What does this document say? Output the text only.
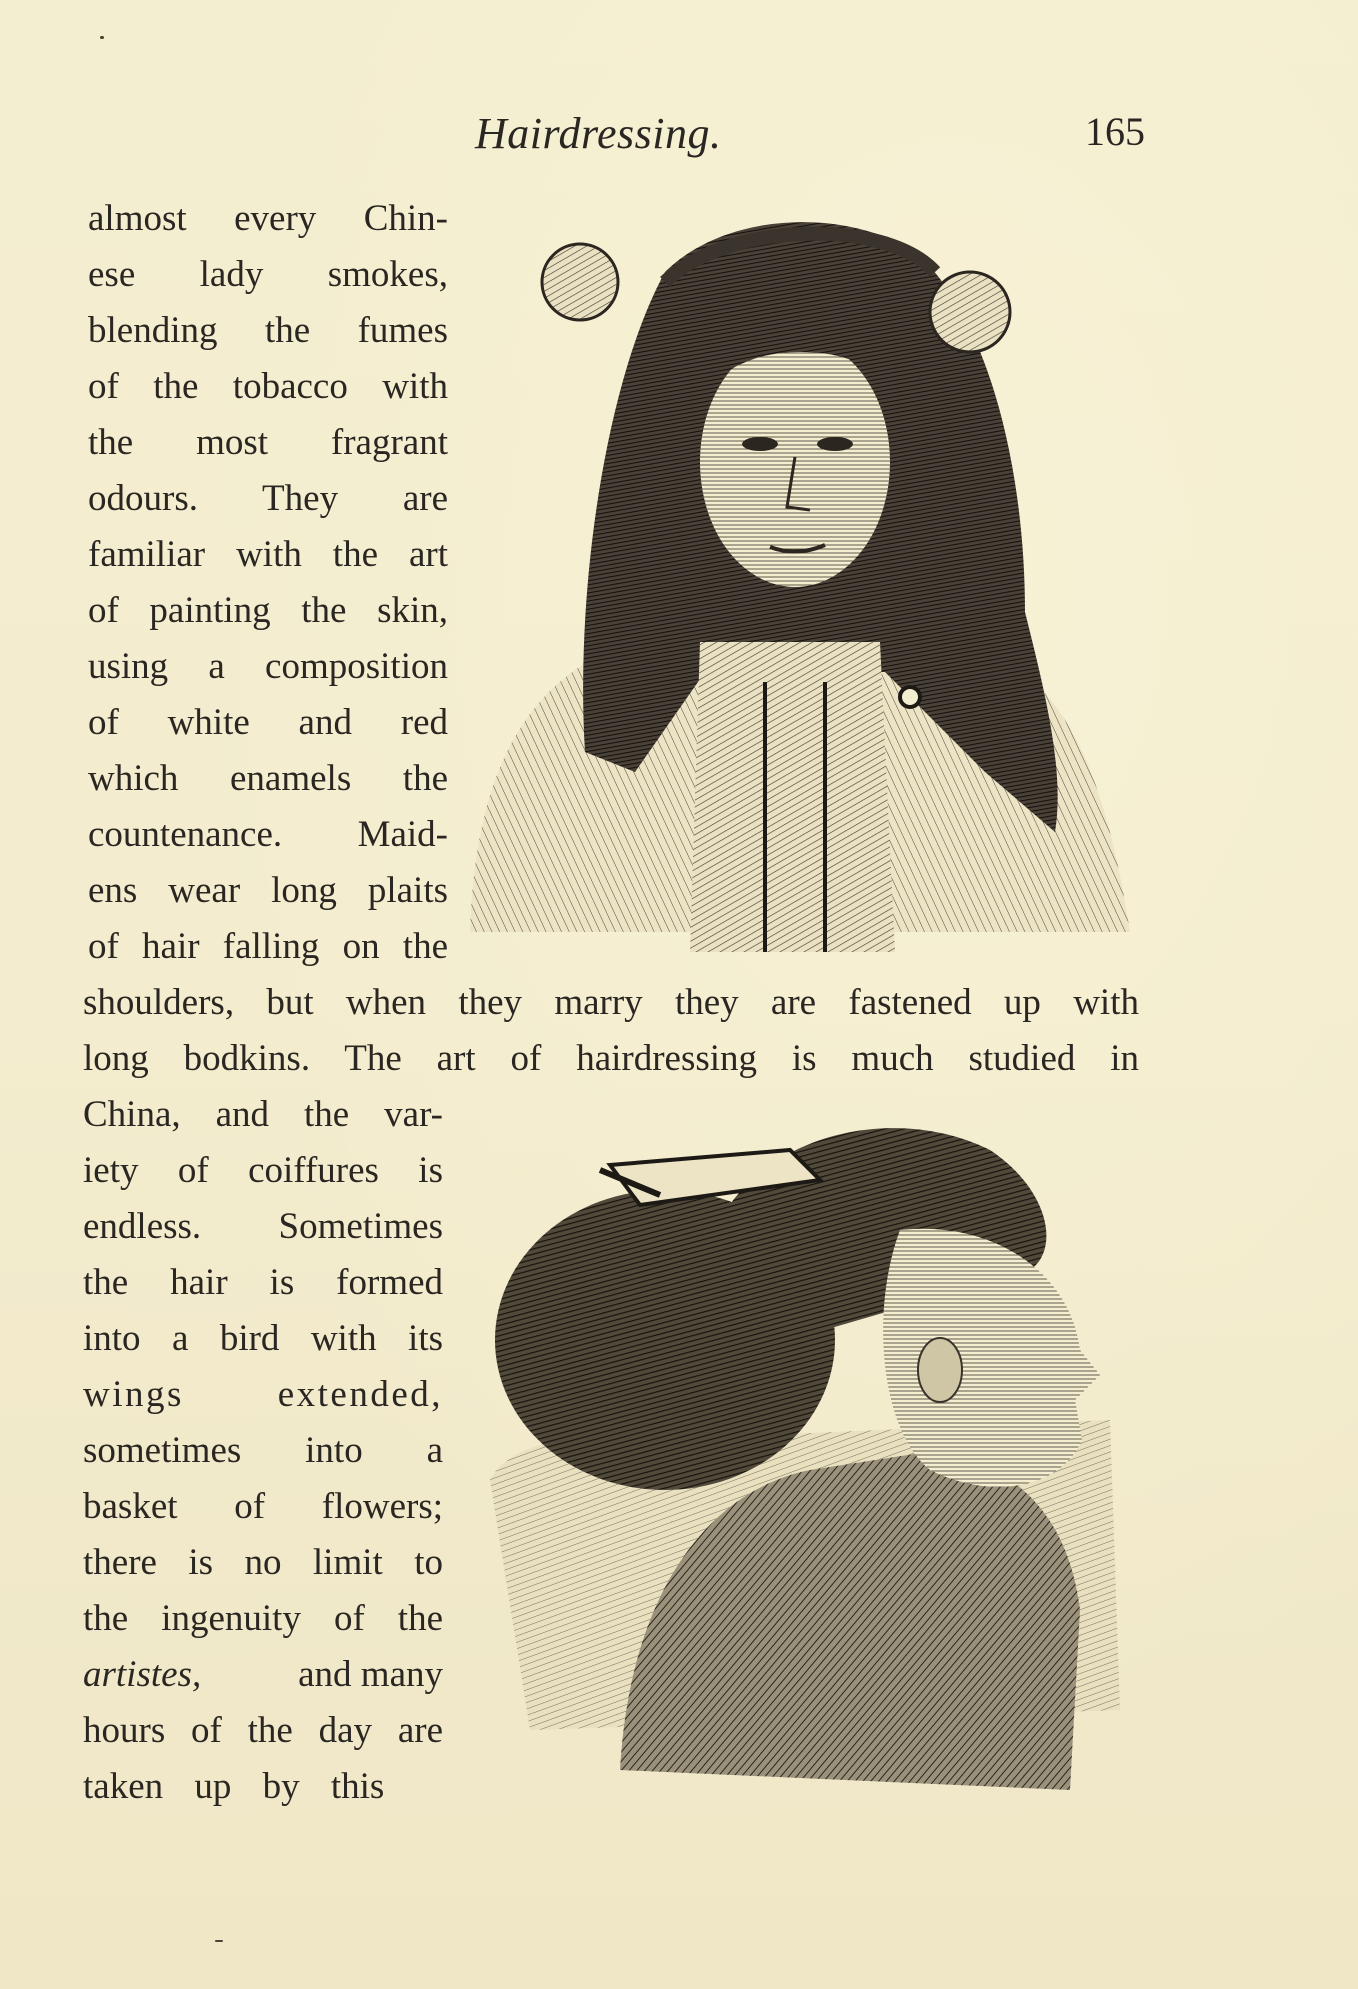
Hairdressing.	165
almost every Chin-
ese lady smokes,
blending the fumes
of the tobacco with
the most fragrant
odours. They are
familiar with the art
of painting the skin,
using a composition
of white and red
which enamels the
countenance. Maid-
ens wear long plaits
of hair falling on the
shoulders, but when they marry they are fastened up with
long bodkins. The art of hairdressing is much studied in
China, and the var-
iety of coiffures is
endless. Sometimes
the hair is formed
into a bird with its
wings extended,
sometimes into a
basket of flowers;
there is no limit to
the ingenuity of the
artistes,	and many
hours of the day are
taken up by this
